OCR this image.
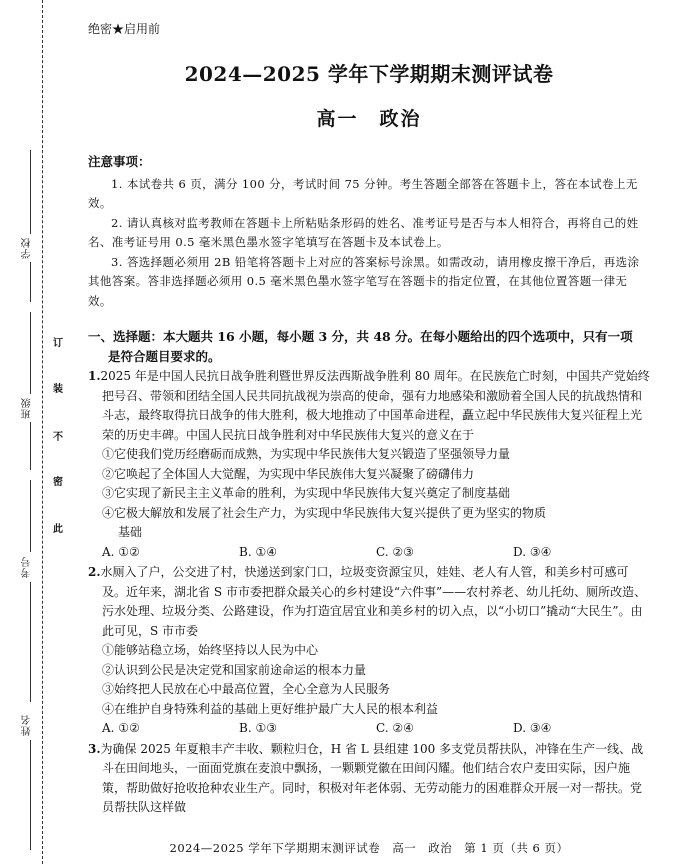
学校
班级
考号
姓名
订
装
不
密
此
绝密★启用前
2024—2025 学年下学期期末测评试卷
高一　政治
注意事项：

1. 本试卷共 6 页，满分 100 分，考试时间 75 分钟。考生答题全部答在答题卡上，答在本试卷上无效。

2. 请认真核对监考教师在答题卡上所粘贴条形码的姓名、准考证号是否与本人相符合，再将自己的姓名、准考证号用 0.5 毫米黑色墨水签字笔填写在答题卡及本试卷上。

3. 答选择题必须用 2B 铅笔将答题卡上对应的答案标号涂黑。如需改动，请用橡皮擦干净后，再选涂其他答案。答非选择题必须用 0.5 毫米黑色墨水签字笔写在答题卡的指定位置，在其他位置答题一律无效。

一、选择题：本大题共 16 小题，每小题 3 分，共 48 分。在每小题给出的四个选项中，只有一项
是符合题目要求的。
1.2025 年是中国人民抗日战争胜利暨世界反法西斯战争胜利 80 周年。在民族危亡时刻，中国共产党始终把号召、带领和团结全国人民共同抗战视为崇高的使命，强有力地感染和激励着全国人民的抗战热情和斗志，最终取得抗日战争的伟大胜利，极大地推动了中国革命进程，矗立起中华民族伟大复兴征程上光荣的历史丰碑。中国人民抗日战争胜利对中华民族伟大复兴的意义在于
①它使我们党历经磨砺而成熟，为实现中华民族伟大复兴锻造了坚强领导力量
②它唤起了全体国人大觉醒，为实现中华民族伟大复兴凝聚了磅礴伟力
③它实现了新民主主义革命的胜利，为实现中华民族伟大复兴奠定了制度基础
④它极大解放和发展了社会生产力，为实现中华民族伟大复兴提供了更为坚实的物质
基础
A. ①②	B. ①④	C. ②③	D. ③④
2.水厕入了户，公交进了村，快递送到家门口，垃圾变资源宝贝，娃娃、老人有人管，和美乡村可感可及。近年来，湖北省 S 市市委把群众最关心的乡村建设“六件事”——农村养老、幼儿托幼、厕所改造、污水处理、垃圾分类、公路建设，作为打造宜居宜业和美乡村的切入点，以“小切口”撬动“大民生”。由此可见，S 市市委
①能够站稳立场，始终坚持以人民为中心
②认识到公民是决定党和国家前途命运的根本力量
③始终把人民放在心中最高位置，全心全意为人民服务
④在维护自身特殊利益的基础上更好维护最广大人民的根本利益
A. ①②	B. ①③	C. ②④	D. ③④
3.为确保 2025 年夏粮丰产丰收、颗粒归仓，H 省 L 县组建 100 多支党员帮扶队，冲锋在生产一线、战斗在田间地头，一面面党旗在麦浪中飘扬，一颗颗党徽在田间闪耀。他们结合农户麦田实际，因户施策，帮助做好抢收抢种农业生产。同时，积极对年老体弱、无劳动能力的困难群众开展一对一帮扶。党员帮扶队这样做
2024—2025 学年下学期期末测评试卷　高一　政治　第 1 页（共 6 页）
